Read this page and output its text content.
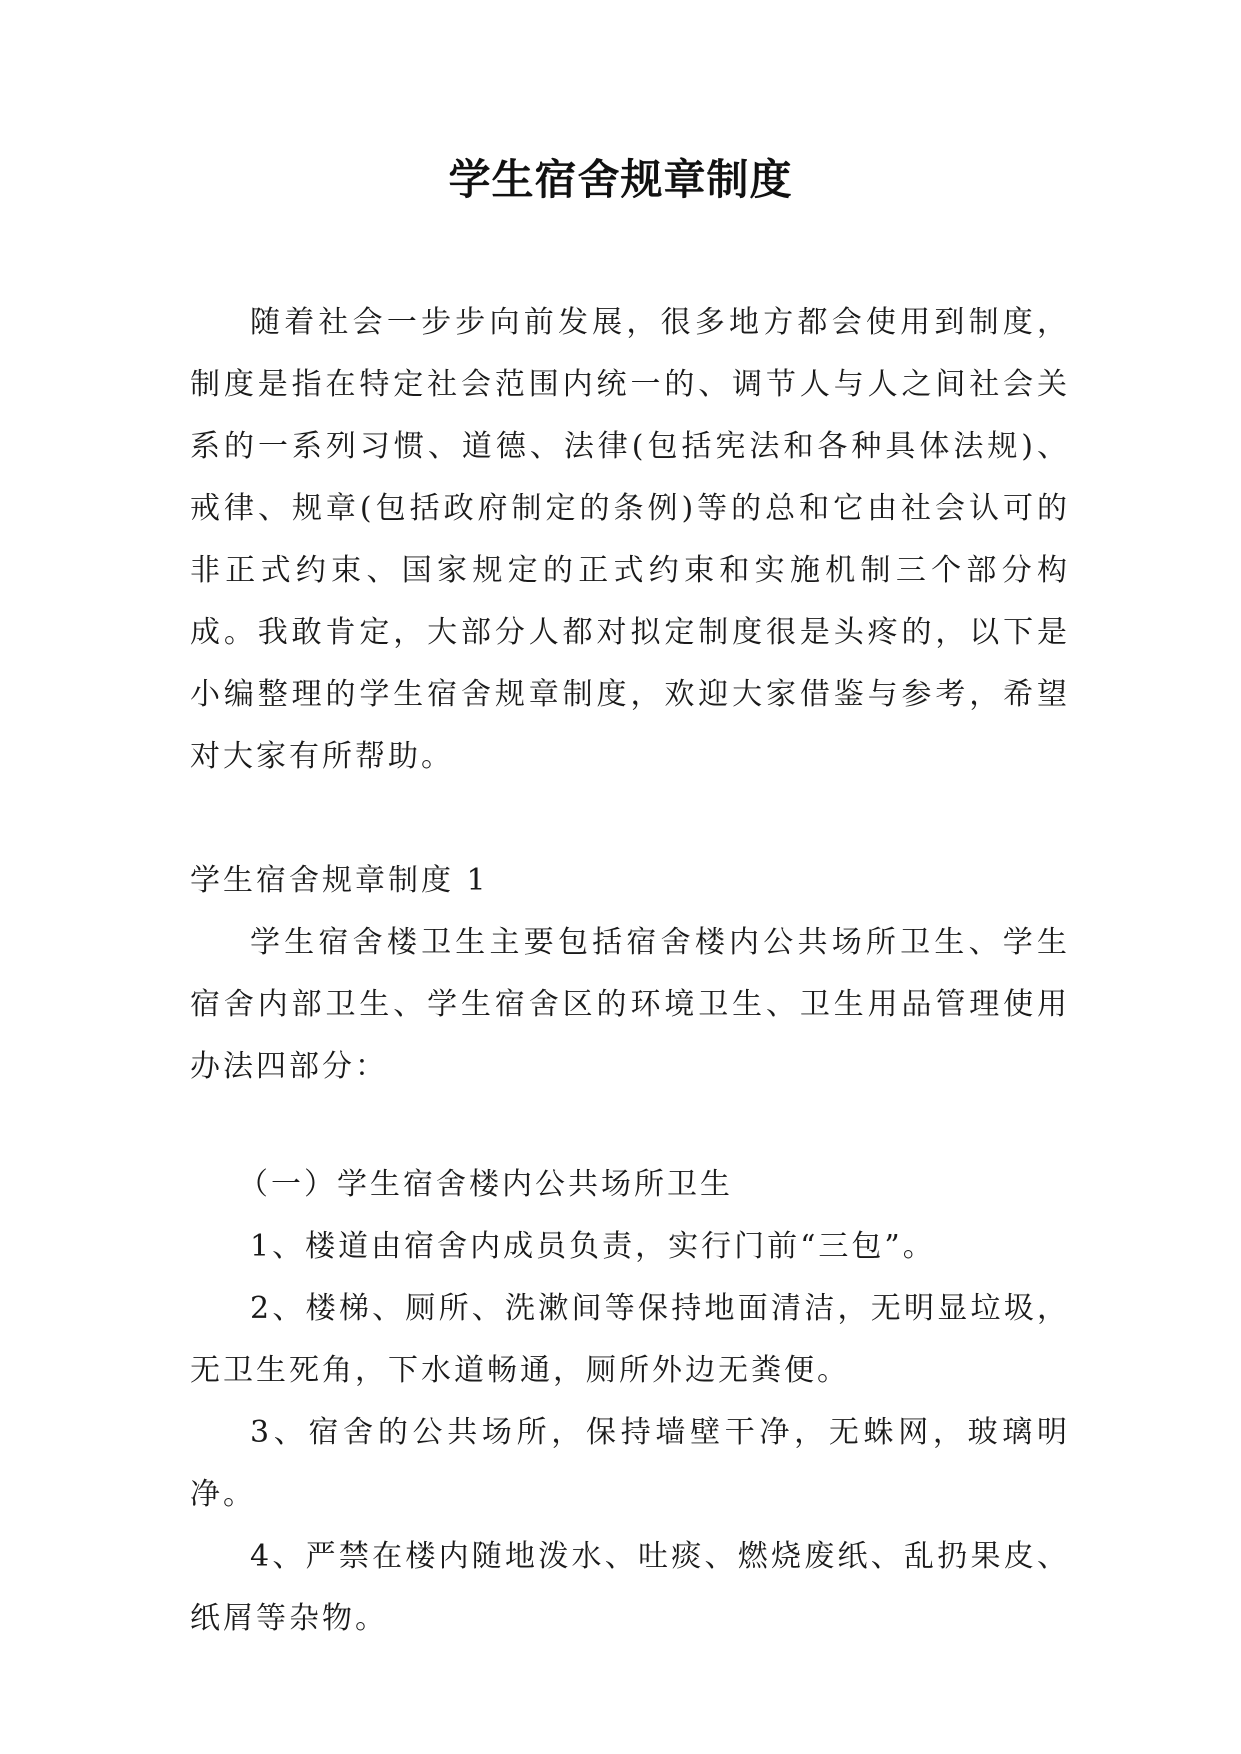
学生宿舍规章制度

随着社会一步步向前发展，很多地方都会使用到制度，制度是指在特定社会范围内统一的、调节人与人之间社会关系的一系列习惯、道德、法律(包括宪法和各种具体法规)、戒律、规章(包括政府制定的条例)等的总和它由社会认可的非正式约束、国家规定的正式约束和实施机制三个部分构成。我敢肯定，大部分人都对拟定制度很是头疼的，以下是小编整理的学生宿舍规章制度，欢迎大家借鉴与参考，希望对大家有所帮助。

学生宿舍规章制度 1

学生宿舍楼卫生主要包括宿舍楼内公共场所卫生、学生宿舍内部卫生、学生宿舍区的环境卫生、卫生用品管理使用办法四部分：

（一）学生宿舍楼内公共场所卫生

1、楼道由宿舍内成员负责，实行门前“三包”。

2、楼梯、厕所、洗漱间等保持地面清洁，无明显垃圾，无卫生死角，下水道畅通，厕所外边无粪便。

3、宿舍的公共场所，保持墙壁干净，无蛛网，玻璃明净。

4、严禁在楼内随地泼水、吐痰、燃烧废纸、乱扔果皮、纸屑等杂物。
